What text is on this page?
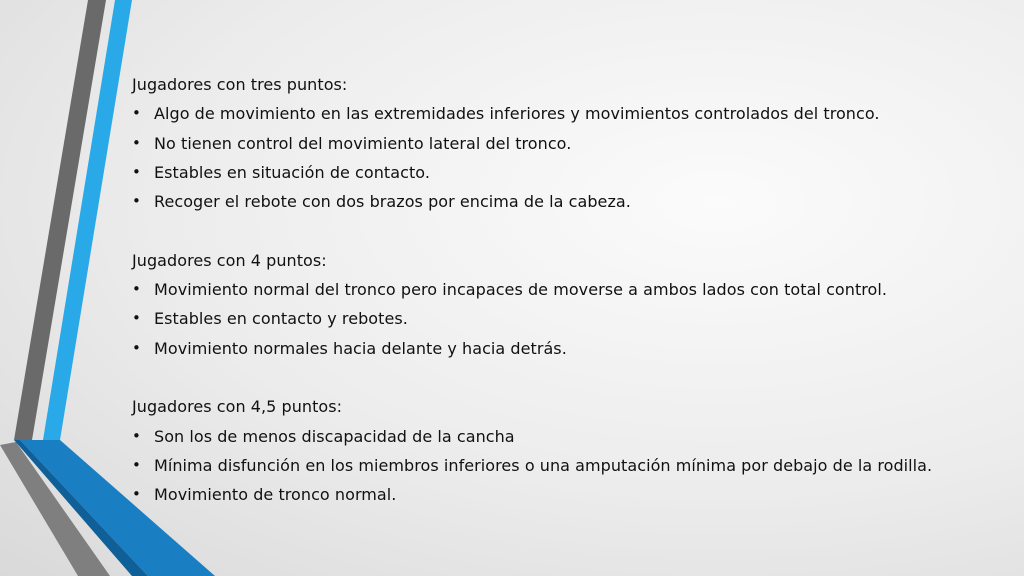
Jugadores con tres puntos:
• Algo de movimiento en las extremidades inferiores y movimientos controlados del tronco.
• No tienen control del movimiento lateral del tronco.
• Estables en situación de contacto.
• Recoger el rebote con dos brazos por encima de la cabeza.
Jugadores con 4 puntos:
• Movimiento normal del tronco pero incapaces de moverse a ambos lados con total control.
• Estables en contacto y rebotes.
• Movimiento normales hacia delante y hacia detrás.
Jugadores con 4,5 puntos:
• Son los de menos discapacidad de la cancha
• Mínima disfunción en los miembros inferiores o una amputación mínima por debajo de la rodilla.
• Movimiento de tronco normal.
